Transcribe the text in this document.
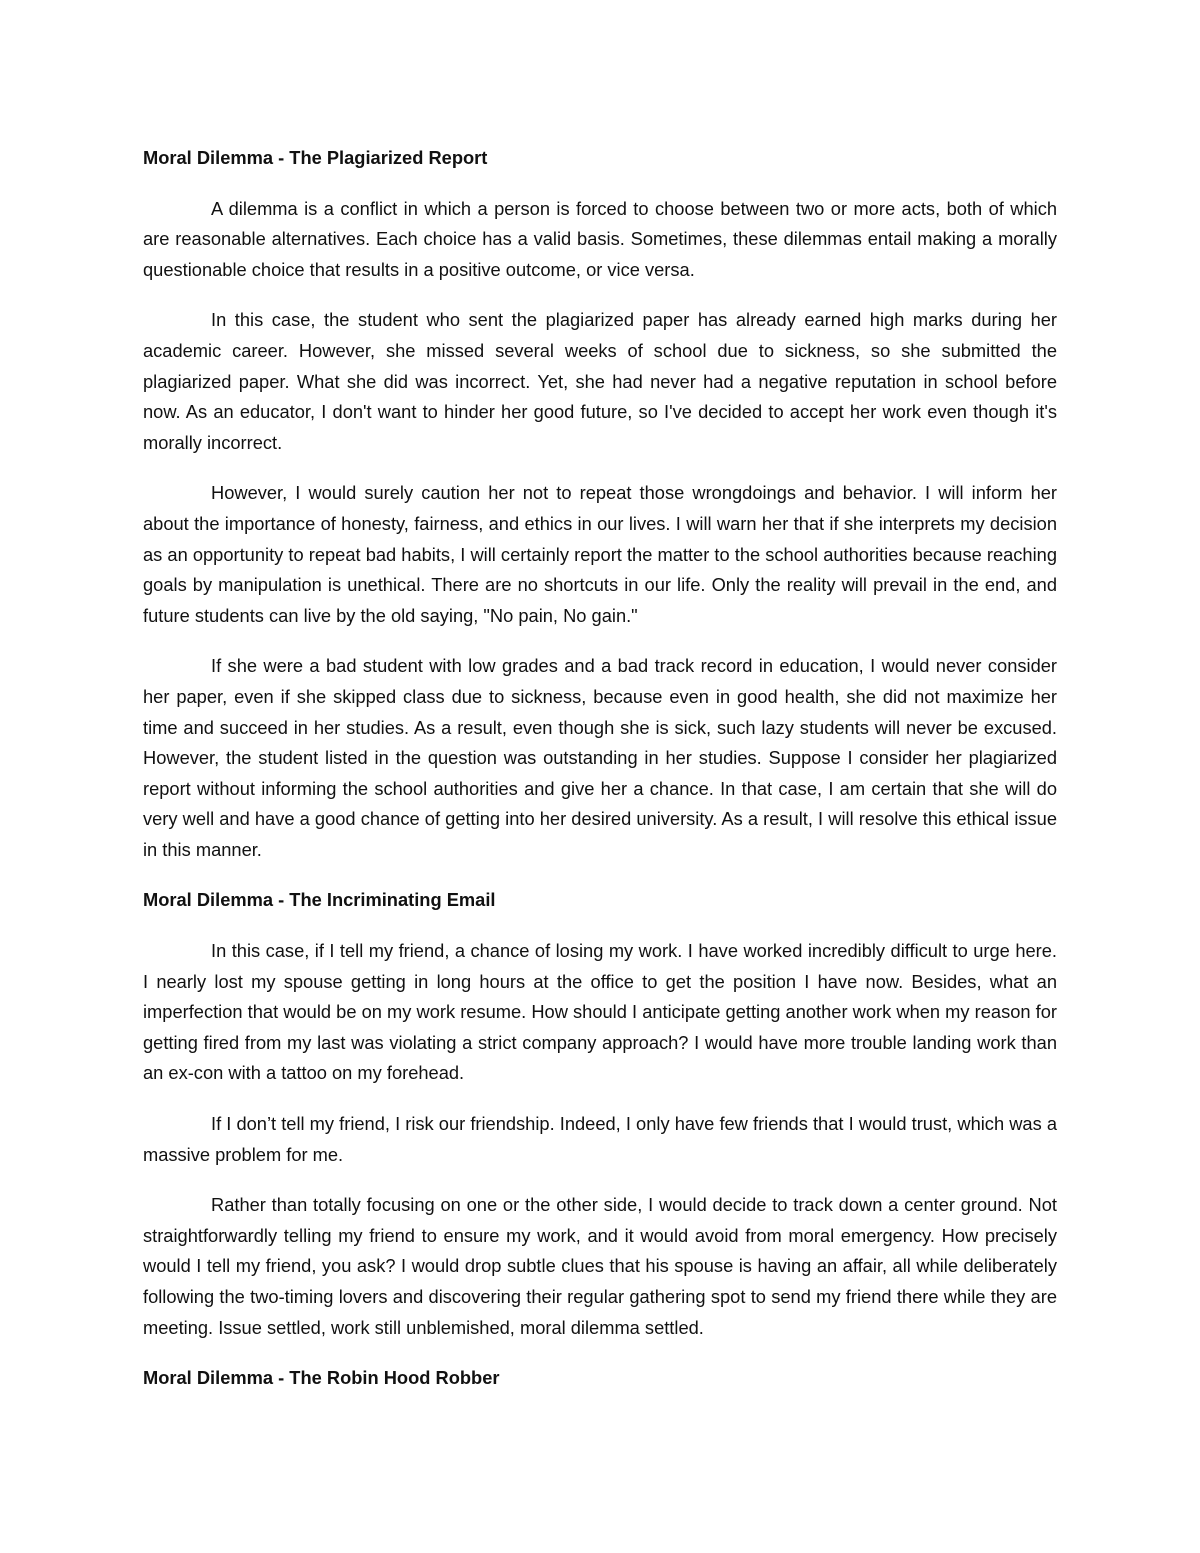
Moral Dilemma - The Plagiarized Report

A dilemma is a conflict in which a person is forced to choose between two or more acts, both of which are reasonable alternatives. Each choice has a valid basis. Sometimes, these dilemmas entail making a morally questionable choice that results in a positive outcome, or vice versa.

In this case, the student who sent the plagiarized paper has already earned high marks during her academic career. However, she missed several weeks of school due to sickness, so she submitted the plagiarized paper. What she did was incorrect. Yet, she had never had a negative reputation in school before now. As an educator, I don't want to hinder her good future, so I've decided to accept her work even though it's morally incorrect.

However, I would surely caution her not to repeat those wrongdoings and behavior. I will inform her about the importance of honesty, fairness, and ethics in our lives. I will warn her that if she interprets my decision as an opportunity to repeat bad habits, I will certainly report the matter to the school authorities because reaching goals by manipulation is unethical. There are no shortcuts in our life. Only the reality will prevail in the end, and future students can live by the old saying, "No pain, No gain."

If she were a bad student with low grades and a bad track record in education, I would never consider her paper, even if she skipped class due to sickness, because even in good health, she did not maximize her time and succeed in her studies. As a result, even though she is sick, such lazy students will never be excused. However, the student listed in the question was outstanding in her studies. Suppose I consider her plagiarized report without informing the school authorities and give her a chance. In that case, I am certain that she will do very well and have a good chance of getting into her desired university. As a result, I will resolve this ethical issue in this manner.

Moral Dilemma - The Incriminating Email

In this case, if I tell my friend, a chance of losing my work. I have worked incredibly difficult to urge here. I nearly lost my spouse getting in long hours at the office to get the position I have now. Besides, what an imperfection that would be on my work resume. How should I anticipate getting another work when my reason for getting fired from my last was violating a strict company approach? I would have more trouble landing work than an ex-con with a tattoo on my forehead.

If I don’t tell my friend, I risk our friendship. Indeed, I only have few friends that I would trust, which was a massive problem for me.

Rather than totally focusing on one or the other side, I would decide to track down a center ground. Not straightforwardly telling my friend to ensure my work, and it would avoid from moral emergency. How precisely would I tell my friend, you ask? I would drop subtle clues that his spouse is having an affair, all while deliberately following the two-timing lovers and discovering their regular gathering spot to send my friend there while they are meeting. Issue settled, work still unblemished, moral dilemma settled.

Moral Dilemma - The Robin Hood Robber
